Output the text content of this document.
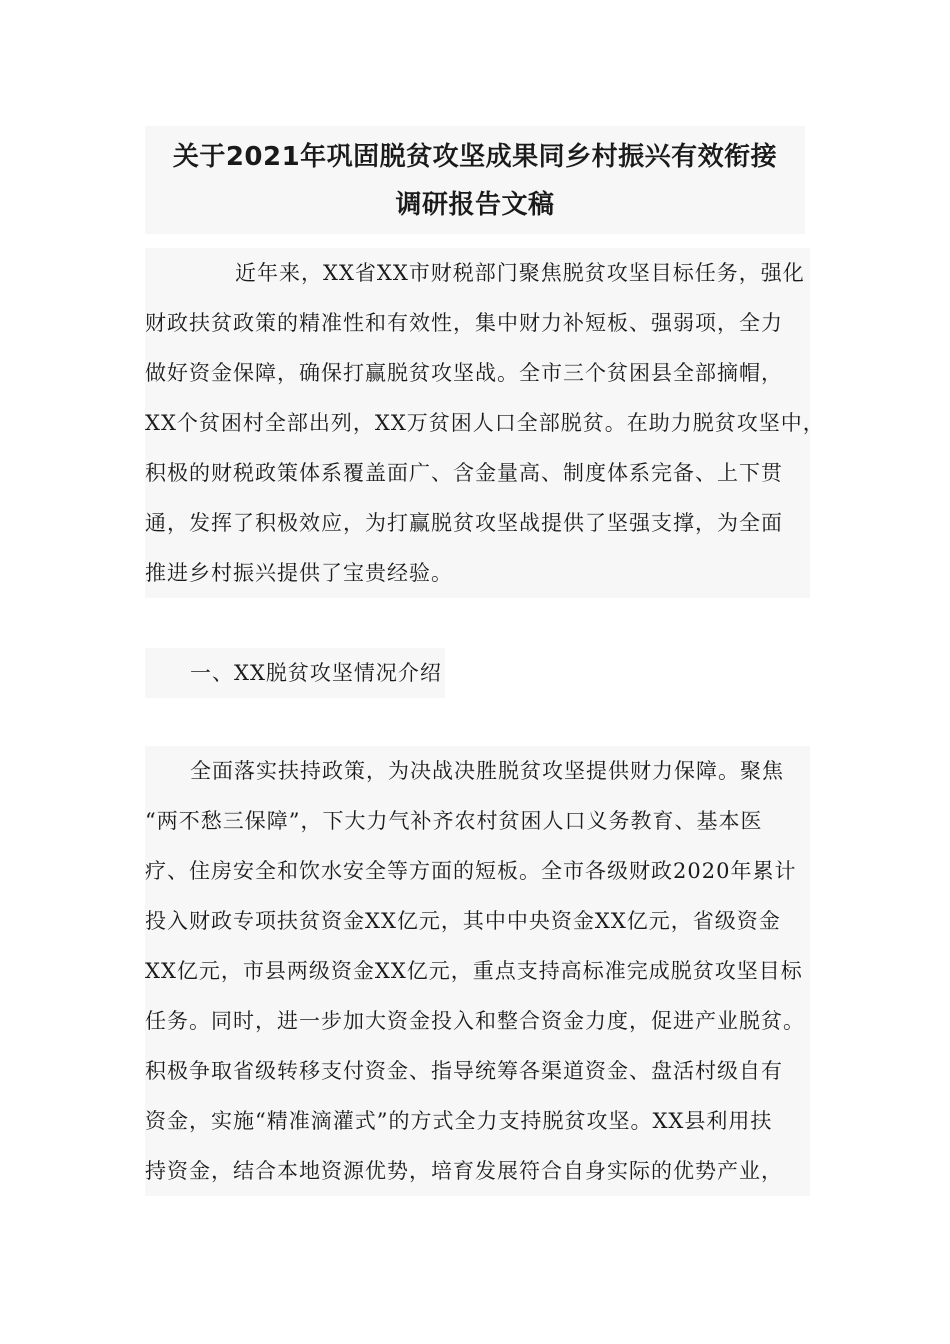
关于2021年巩固脱贫攻坚成果同乡村振兴有效衔接
调研报告文稿
近年来，XX省XX市财税部门聚焦脱贫攻坚目标任务，强化
财政扶贫政策的精准性和有效性，集中财力补短板、强弱项，全力
做好资金保障，确保打赢脱贫攻坚战。全市三个贫困县全部摘帽，
XX个贫困村全部出列，XX万贫困人口全部脱贫。在助力脱贫攻坚中，
积极的财税政策体系覆盖面广、含金量高、制度体系完备、上下贯
通，发挥了积极效应，为打赢脱贫攻坚战提供了坚强支撑，为全面
推进乡村振兴提供了宝贵经验。
一、XX脱贫攻坚情况介绍
全面落实扶持政策，为决战决胜脱贫攻坚提供财力保障。聚焦
“两不愁三保障”，下大力气补齐农村贫困人口义务教育、基本医
疗、住房安全和饮水安全等方面的短板。全市各级财政2020年累计
投入财政专项扶贫资金XX亿元，其中中央资金XX亿元，省级资金
XX亿元，市县两级资金XX亿元，重点支持高标准完成脱贫攻坚目标
任务。同时，进一步加大资金投入和整合资金力度，促进产业脱贫。
积极争取省级转移支付资金、指导统筹各渠道资金、盘活村级自有
资金，实施“精准滴灌式”的方式全力支持脱贫攻坚。XX县利用扶
持资金，结合本地资源优势，培育发展符合自身实际的优势产业，
